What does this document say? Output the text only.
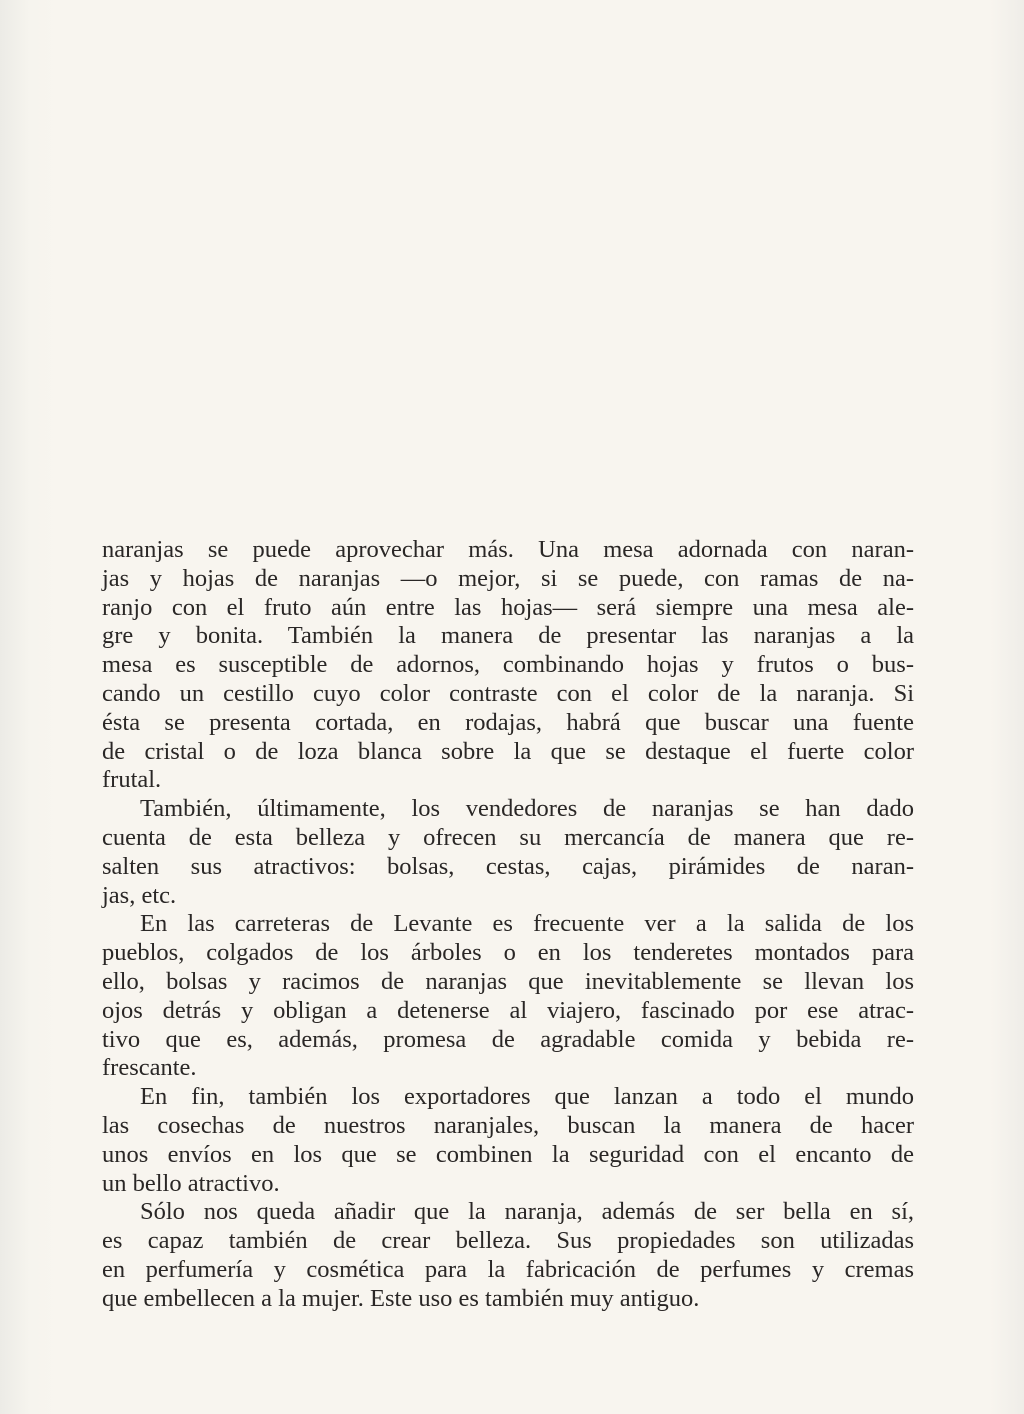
naranjas se puede aprovechar más. Una mesa adornada con naran-
jas y hojas de naranjas —o mejor, si se puede, con ramas de na-
ranjo con el fruto aún entre las hojas— será siempre una mesa ale-
gre y bonita. También la manera de presentar las naranjas a la
mesa es susceptible de adornos, combinando hojas y frutos o bus-
cando un cestillo cuyo color contraste con el color de la naranja. Si
ésta se presenta cortada, en rodajas, habrá que buscar una fuente
de cristal o de loza blanca sobre la que se destaque el fuerte color
frutal.
También, últimamente, los vendedores de naranjas se han dado
cuenta de esta belleza y ofrecen su mercancía de manera que re-
salten sus atractivos: bolsas, cestas, cajas, pirámides de naran-
jas, etc.
En las carreteras de Levante es frecuente ver a la salida de los
pueblos, colgados de los árboles o en los tenderetes montados para
ello, bolsas y racimos de naranjas que inevitablemente se llevan los
ojos detrás y obligan a detenerse al viajero, fascinado por ese atrac-
tivo que es, además, promesa de agradable comida y bebida re-
frescante.
En fin, también los exportadores que lanzan a todo el mundo
las cosechas de nuestros naranjales, buscan la manera de hacer
unos envíos en los que se combinen la seguridad con el encanto de
un bello atractivo.
Sólo nos queda añadir que la naranja, además de ser bella en sí,
es capaz también de crear belleza. Sus propiedades son utilizadas
en perfumería y cosmética para la fabricación de perfumes y cremas
que embellecen a la mujer. Este uso es también muy antiguo.
